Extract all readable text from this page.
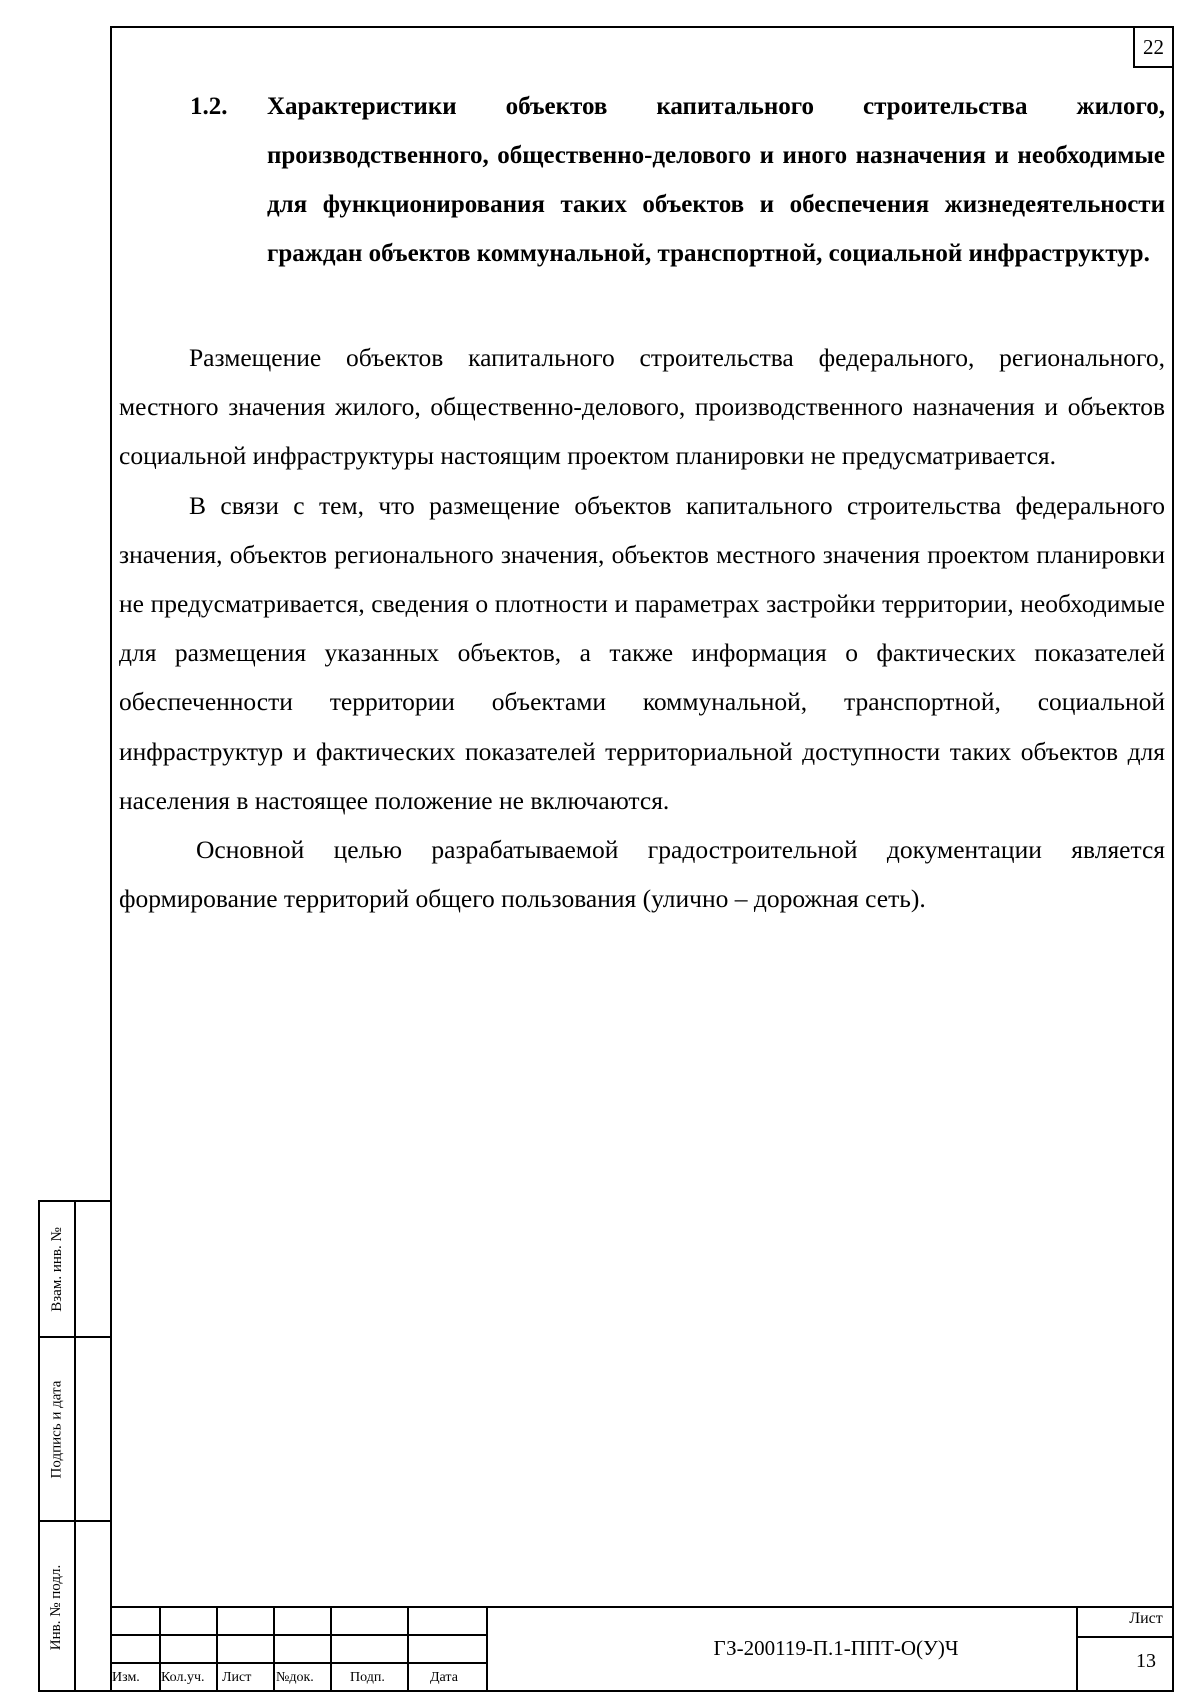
22
1.2. Характеристики объектов капитального строительства жилого, производственного, общественно-делового и иного назначения и необходимые для функционирования таких объектов и обеспечения жизнедеятельности граждан объектов коммунальной, транспортной, социальной инфраструктур.

Размещение объектов капитального строительства федерального, регионального, местного значения жилого, общественно-делового, производственного назначения и объектов социальной инфраструктуры настоящим проектом планировки не предусматривается.

В связи с тем, что размещение объектов капитального строительства федерального значения, объектов регионального значения, объектов местного значения проектом планировки не предусматривается, сведения о плотности и параметрах застройки территории, необходимые для размещения указанных объектов, а также информация о фактических показателей обеспеченности территории объектами коммунальной, транспортной, социальной инфраструктур и фактических показателей территориальной доступности таких объектов для населения в настоящее положение не включаются.

Основной целью разрабатываемой градостроительной документации является формирование территорий общего пользования (улично – дорожная сеть).

Взам. инв. №
Подпись и дата
Инв. № подл.
Изм. Кол.уч. Лист №док.	Подп.	Дата
ГЗ-200119-П.1-ППТ-О(У)Ч
Лист
13
